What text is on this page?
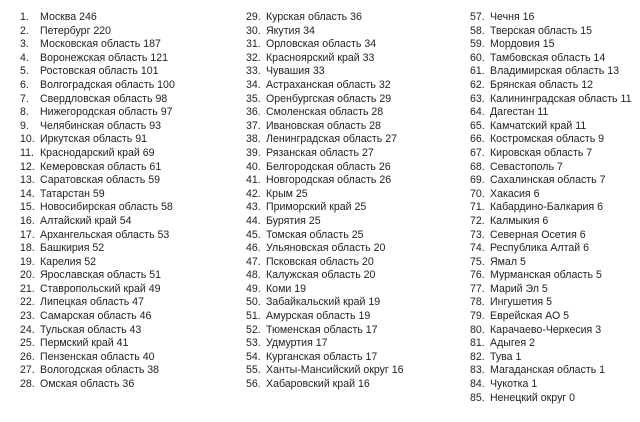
1.	Москва 246
2.	Петербург 220
3.	Московская область 187
4.	Воронежская область 121
5.	Ростовская область 101
6.	Волгоградская область 100
7.	Свердловская область 98
8.	Нижегородская область 97
9.	Челябинская область 93
10. Иркутская область 91
11. Краснодарский край 69
12. Кемеровская область 61
13. Саратовская область 59
14. Татарстан 59
15. Новосибирская область 58
16. Алтайский край 54
17. Архангельская область 53
18. Башкирия 52
19. Карелия 52
20. Ярославская область 51
21. Ставропольский край 49
22. Липецкая область 47
23. Самарская область 46
24. Тульская область 43
25. Пермский край 41
26. Пензенская область 40
27. Вологодская область 38
28. Омская область 36
29. Курская область 36
30. Якутия 34
31. Орловская область 34
32. Красноярский край 33
33. Чувашия 33
34. Астраханская область 32
35. Оренбургская область 29
36. Смоленская область 28
37. Ивановская область 28
38. Ленинградская область 27
39. Рязанская область 27
40. Белгородская область 26
41. Новгородская область 26
42. Крым 25
43. Приморский край 25
44. Бурятия 25
45. Томская область 25
46. Ульяновская область 20
47. Псковская область 20
48. Калужская область 20
49. Коми 19
50. Забайкальский край 19
51. Амурская область 19
52. Тюменская область 17
53. Удмуртия 17
54. Курганская область 17
55. Ханты-Мансийский округ 16
56. Хабаровский край 16
57. Чечня 16
58. Тверская область 15
59. Мордовия 15
60. Тамбовская область 14
61. Владимирская область 13
62. Брянская область 12
63. Калининградская область 11
64. Дагестан 11
65. Камчатский край 11
66. Костромская область 9
67. Кировская область 7
68. Севастополь 7
69. Сахалинская область 7
70. Хакасия 6
71. Кабардино-Балкария 6
72. Калмыкия 6
73. Северная Осетия 6
74. Республика Алтай 6
75. Ямал 5
76. Мурманская область 5
77. Марий Эл 5
78. Ингушетия 5
79. Еврейская АО 5
80. Карачаево-Черкесия 3
81. Адыгея 2
82. Тува 1
83. Магаданская область 1
84. Чукотка 1
85. Ненецкий округ 0
